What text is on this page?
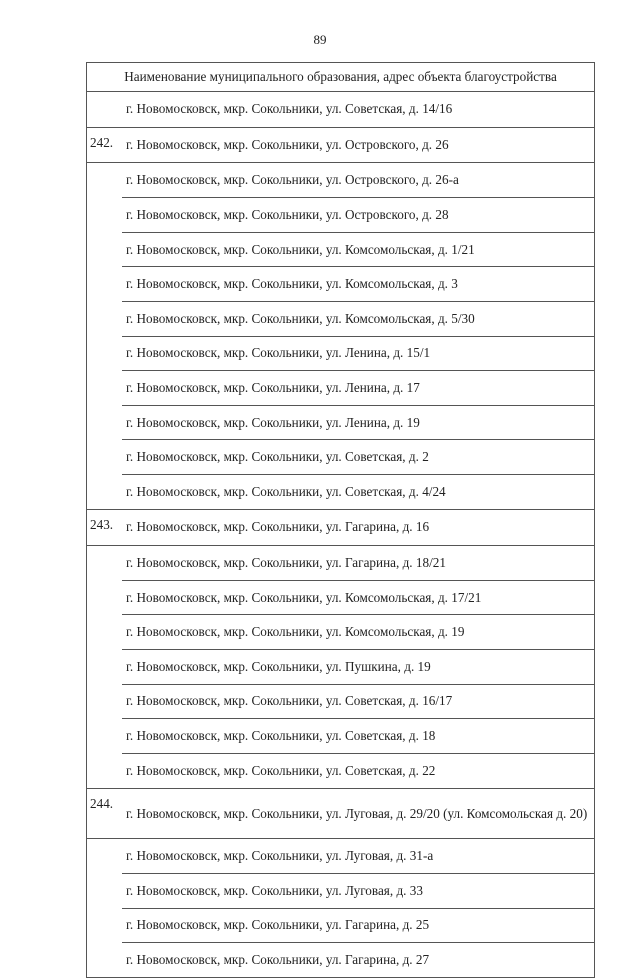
89
Наименование муниципального образования, адрес объекта благоустройства	
	г. Новомосковск, мкр. Сокольники, ул. Советская, д. 14/16
242.	г. Новомосковск, мкр. Сокольники, ул. Островского, д. 26
	г. Новомосковск, мкр. Сокольники, ул. Островского, д. 26-а
	г. Новомосковск, мкр. Сокольники, ул. Островского, д. 28
	г. Новомосковск, мкр. Сокольники, ул. Комсомольская, д. 1/21
	г. Новомосковск, мкр. Сокольники, ул. Комсомольская, д. 3
	г. Новомосковск, мкр. Сокольники, ул. Комсомольская, д. 5/30
	г. Новомосковск, мкр. Сокольники, ул. Ленина, д. 15/1
	г. Новомосковск, мкр. Сокольники, ул. Ленина, д. 17
	г. Новомосковск, мкр. Сокольники, ул. Ленина, д. 19
	г. Новомосковск, мкр. Сокольники, ул. Советская, д. 2
	г. Новомосковск, мкр. Сокольники, ул. Советская, д. 4/24
243.	г. Новомосковск, мкр. Сокольники, ул. Гагарина, д. 16
	г. Новомосковск, мкр. Сокольники, ул. Гагарина, д. 18/21
	г. Новомосковск, мкр. Сокольники, ул. Комсомольская, д. 17/21
	г. Новомосковск, мкр. Сокольники, ул. Комсомольская, д. 19
	г. Новомосковск, мкр. Сокольники, ул. Пушкина, д. 19
	г. Новомосковск, мкр. Сокольники, ул. Советская, д. 16/17
	г. Новомосковск, мкр. Сокольники, ул. Советская, д. 18
	г. Новомосковск, мкр. Сокольники, ул. Советская, д. 22
244.	г. Новомосковск, мкр. Сокольники, ул. Луговая, д. 29/20 (ул. Комсомольская д. 20)
	г. Новомосковск, мкр. Сокольники, ул. Луговая, д. 31-а
	г. Новомосковск, мкр. Сокольники, ул. Луговая, д. 33
	г. Новомосковск, мкр. Сокольники, ул. Гагарина, д. 25
	г. Новомосковск, мкр. Сокольники, ул. Гагарина, д. 27
